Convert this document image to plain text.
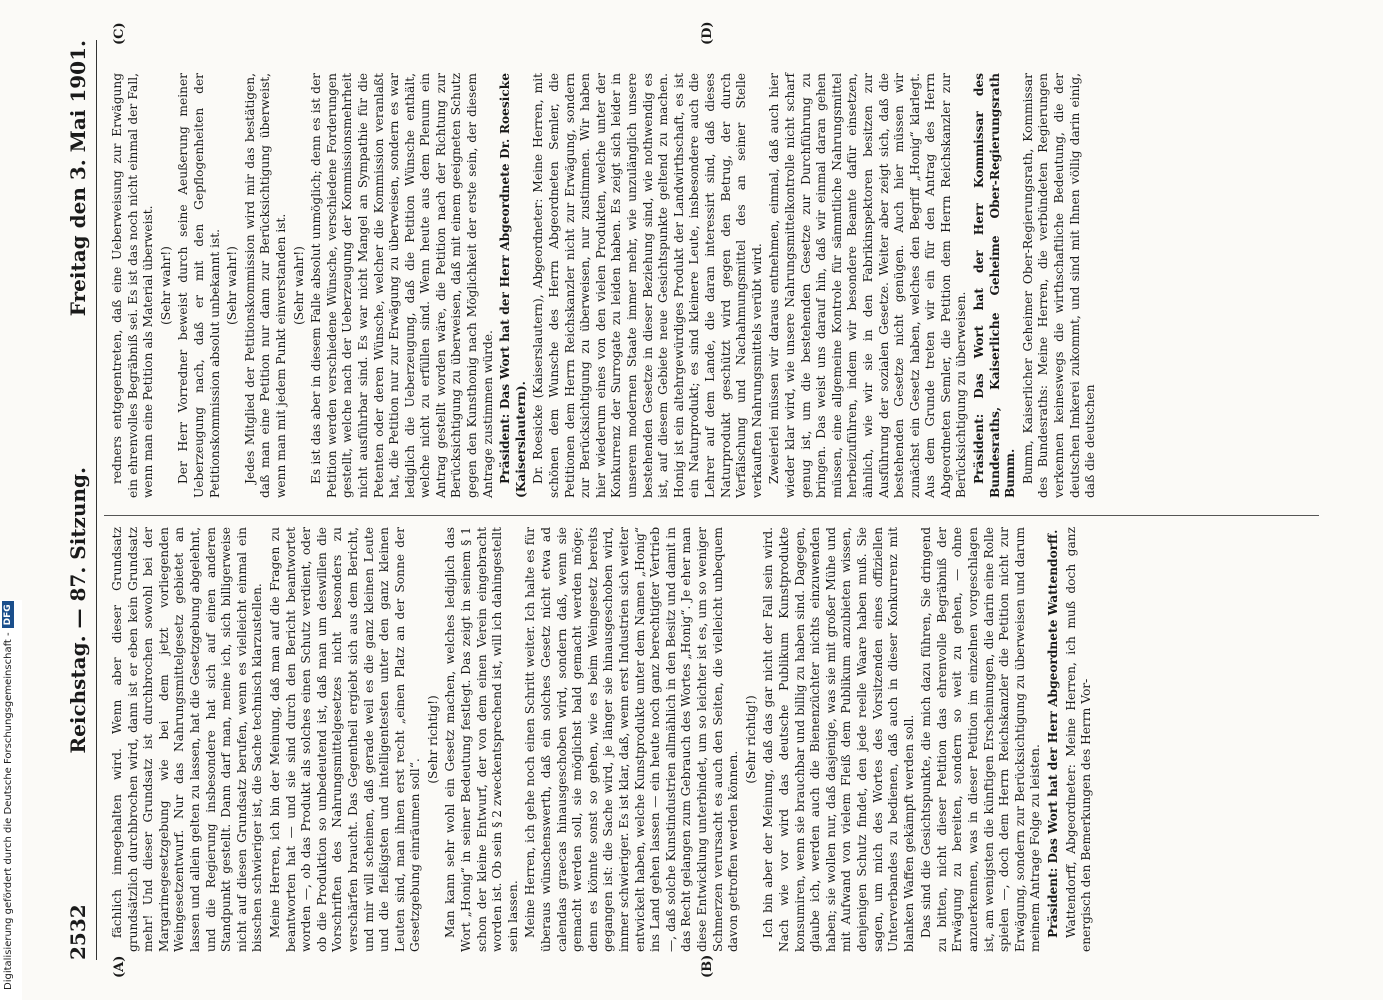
2532
Reichstag. — 87. Sitzung.
Freitag den 3. Mai 1901.
(A)	(B)
(C)	(D)

fächlich innegehalten wird. Wenn aber dieser Grundsatz grundsätzlich durchbrochen wird, dann ist er eben kein Grundsatz mehr! Und dieser Grundsatz ist durchbrochen sowohl bei der Margarinegesetzgebung wie bei dem jetzt vorliegenden Weingesetzentwurf. Nur das Nahrungsmittelgesetz gebietet an lassen und allein gelten zu lassen, hat die Gesetzgebung abgelehnt, und die Regierung insbesondere hat sich auf einen anderen Standpunkt gestellt. Dann darf man, meine ich, sich billigerweise nicht auf diesen Grundsatz berufen, wenn es vielleicht einmal ein bisschen schwieriger ist, die Sache technisch klarzustellen. Meine Herren, ich bin der Meinung, daß man auf die Fragen zu beantworten hat — und sie sind durch den Bericht beantwortet worden —, ob das Produkt als solches einen Schutz verdient, oder ob die Produktion so unbedeutend ist, daß man um deswillen die Vorschriften des Nahrungsmittelgesetzes nicht besonders zu verschärfen braucht. Das Gegentheil ergiebt sich aus dem Bericht, und mir will scheinen, daß gerade weil es die ganz kleinen Leute und die fleißigsten und intelligentesten unter den ganz kleinen Leuten sind, man ihnen erst recht „einen Platz an der Sonne der Gesetzgebung einräumen soll“.

(Sehr richtig!) Man kann sehr wohl ein Gesetz machen, welches lediglich das Wort „Honig“ in seiner Bedeutung festlegt. Das zeigt in seinem § 1 schon der kleine Entwurf, der von dem einen Verein eingebracht worden ist. Ob sein § 2 zweckentsprechend ist, will ich dahingestellt sein lassen. Meine Herren, ich gehe noch einen Schritt weiter. Ich halte es für überaus wünschenswerth, daß ein solches Gesetz nicht etwa ad calendas graecas hinausgeschoben wird, sondern daß, wenn sie gemacht werden soll, sie möglichst bald gemacht werden möge; denn es könnte sonst so gehen, wie es beim Weingesetz bereits gegangen ist: die Sache wird, je länger sie hinausgeschoben wird, immer schwieriger. Es ist klar, daß, wenn erst Industrien sich weiter entwickelt haben, welche Kunstprodukte unter dem Namen „Honig“ ins Land gehen lassen — ein heute noch ganz berechtigter Vertrieb —, daß solche Kunstindustrien allmählich in den Besitz und damit in das Recht gelangen zum Gebrauch des Wortes „Honig“. Je eher man diese Entwicklung unterbindet, um so leichter ist es, um so weniger Schmerzen verursacht es auch den Seiten, die vielleicht unbequem davon getroffen werden können.

(Sehr richtig!) Ich bin aber der Meinung, daß das gar nicht der Fall sein wird. Nach wie vor wird das deutsche Publikum Kunstprodukte konsumiren, wenn sie brauchbar und billig zu haben sind. Dagegen, glaube ich, werden auch die Bienenzüchter nichts einzuwenden haben; sie wollen nur, daß dasjenige, was sie mit großer Mühe und mit Aufwand von vielem Fleiß dem Publikum anzubieten wissen, denjenigen Schutz findet, den jede reelle Waare haben muß. Sie sagen, um mich des Wortes des Vorsitzenden eines offiziellen Unterverbandes zu bedienen, daß auch in dieser Konkurrenz mit blanken Waffen gekämpft werden soll. Das sind die Gesichtspunkte, die mich dazu führen, Sie dringend zu bitten, nicht dieser Petition das ehrenvolle Begräbniß der Erwägung zu bereiten, sondern so weit zu gehen, — ohne anzuerkennen, was in dieser Petition im einzelnen vorgeschlagen ist, am wenigsten die künftigen Erscheinungen, die darin eine Rolle spielen —, doch dem Herrn Reichskanzler die Petition nicht zur Erwägung, sondern zur Berücksichtigung zu überweisen und darum meinem Antrage Folge zu leisten. Präsident: Das Wort hat der Herr Abgeordnete Wattendorff. Wattendorff, Abgeordneter: Meine Herren, ich muß doch ganz energisch den Bemerkungen des Herrn Vor-

redners entgegentreten, daß eine Ueberweisung zur Erwägung ein ehrenvolles Begräbniß sei. Es ist das noch nicht einmal der Fall, wenn man eine Petition als Material überweist. (Sehr wahr!) Der Herr Vorredner beweist durch seine Aeußerung meiner Ueberzeugung nach, daß er mit den Gepflogenheiten der Petitionskommission absolut unbekannt ist. (Sehr wahr!) Jedes Mitglied der Petitionskommission wird mir das bestätigen, daß man eine Petition nur dann zur Berücksichtigung überweist, wenn man mit jedem Punkt einverstanden ist. (Sehr wahr!) Es ist das aber in diesem Falle absolut unmöglich; denn es ist der Petition werden verschiedene Wünsche, verschiedene Forderungen gestellt, welche nach der Ueberzeugung der Kommissionsmehrheit nicht ausführbar sind. Es war nicht Mangel an Sympathie für die Petenten oder deren Wünsche, welcher die Kommission veranlaßt hat, die Petition nur zur Erwägung zu überweisen, sondern es war lediglich die Ueberzeugung, daß die Petition Wünsche enthält, welche nicht zu erfüllen sind. Wenn heute aus dem Plenum ein Antrag gestellt worden wäre, die Petition nach der Richtung zur Berücksichtigung zu überweisen, daß mit einem geeigneten Schutz gegen den Kunsthonig nach Möglichkeit der erste sein, der diesem Antrage zustimmen würde. Präsident: Das Wort hat der Herr Abgeordnete Dr. Roesicke (Kaiserslautern). Dr. Roesicke (Kaiserslautern), Abgeordneter: Meine Herren, mit schönen dem Wunsche des Herrn Abgeordneten Semler, die Petitionen dem Herrn Reichskanzler nicht zur Erwägung, sondern zur Berücksichtigung zu überweisen, nur zustimmen. Wir haben hier wiederum eines von den vielen Produkten, welche unter der Konkurrenz der Surrogate zu leiden haben. Es zeigt sich leider in unserem modernen Staate immer mehr, wie unzulänglich unsere bestehenden Gesetze in dieser Beziehung sind, wie nothwendig es ist, auf diesem Gebiete neue Gesichtspunkte geltend zu machen. Honig ist ein altehrgewürdiges Produkt der Landwirthschaft, es ist ein Naturprodukt; es sind kleinere Leute, insbesondere auch die Lehrer auf dem Lande, die daran interessirt sind, daß dieses Naturprodukt geschützt wird gegen den Betrug, der durch Verfälschung und Nachahmungsmittel des an seiner Stelle verkauften Nahrungsmittels verübt wird. Zweierlei müssen wir daraus entnehmen, einmal, daß auch hier wieder klar wird, wie unsere Nahrungsmittelkontrolle nicht scharf genug ist, um die bestehenden Gesetze zur Durchführung zu bringen. Das weist uns darauf hin, daß wir einmal daran gehen müssen, eine allgemeine Kontrole für sämmtliche Nahrungsmittel herbeizuführen, indem wir besondere Beamte dafür einsetzen, ähnlich, wie wir sie in den Fabrikinspektoren besitzen zur Ausführung der sozialen Gesetze. Weiter aber zeigt sich, daß die bestehenden Gesetze nicht genügen. Auch hier müssen wir zunächst ein Gesetz haben, welches den Begriff „Honig“ klarlegt. Aus dem Grunde treten wir ein für den Antrag des Herrn Abgeordneten Semler, die Petition dem Herrn Reichskanzler zur Berücksichtigung zu überweisen. Präsident: Das Wort hat der Herr Kommissar des Bundesraths, Kaiserliche Geheime Ober-Regierungsrath Bumm. Bumm, Kaiserlicher Geheimer Ober-Regierungsrath, Kommissar des Bundesraths: Meine Herren, die verbündeten Regierungen verkennen keineswegs die wirthschaftliche Bedeutung, die der deutschen Imkerei zukommt, und sind mit Ihnen völlig darin einig, daß die deutschen

Digitalisierung gefördert durch die Deutsche Forschungsgemeinschaft -
DFG
